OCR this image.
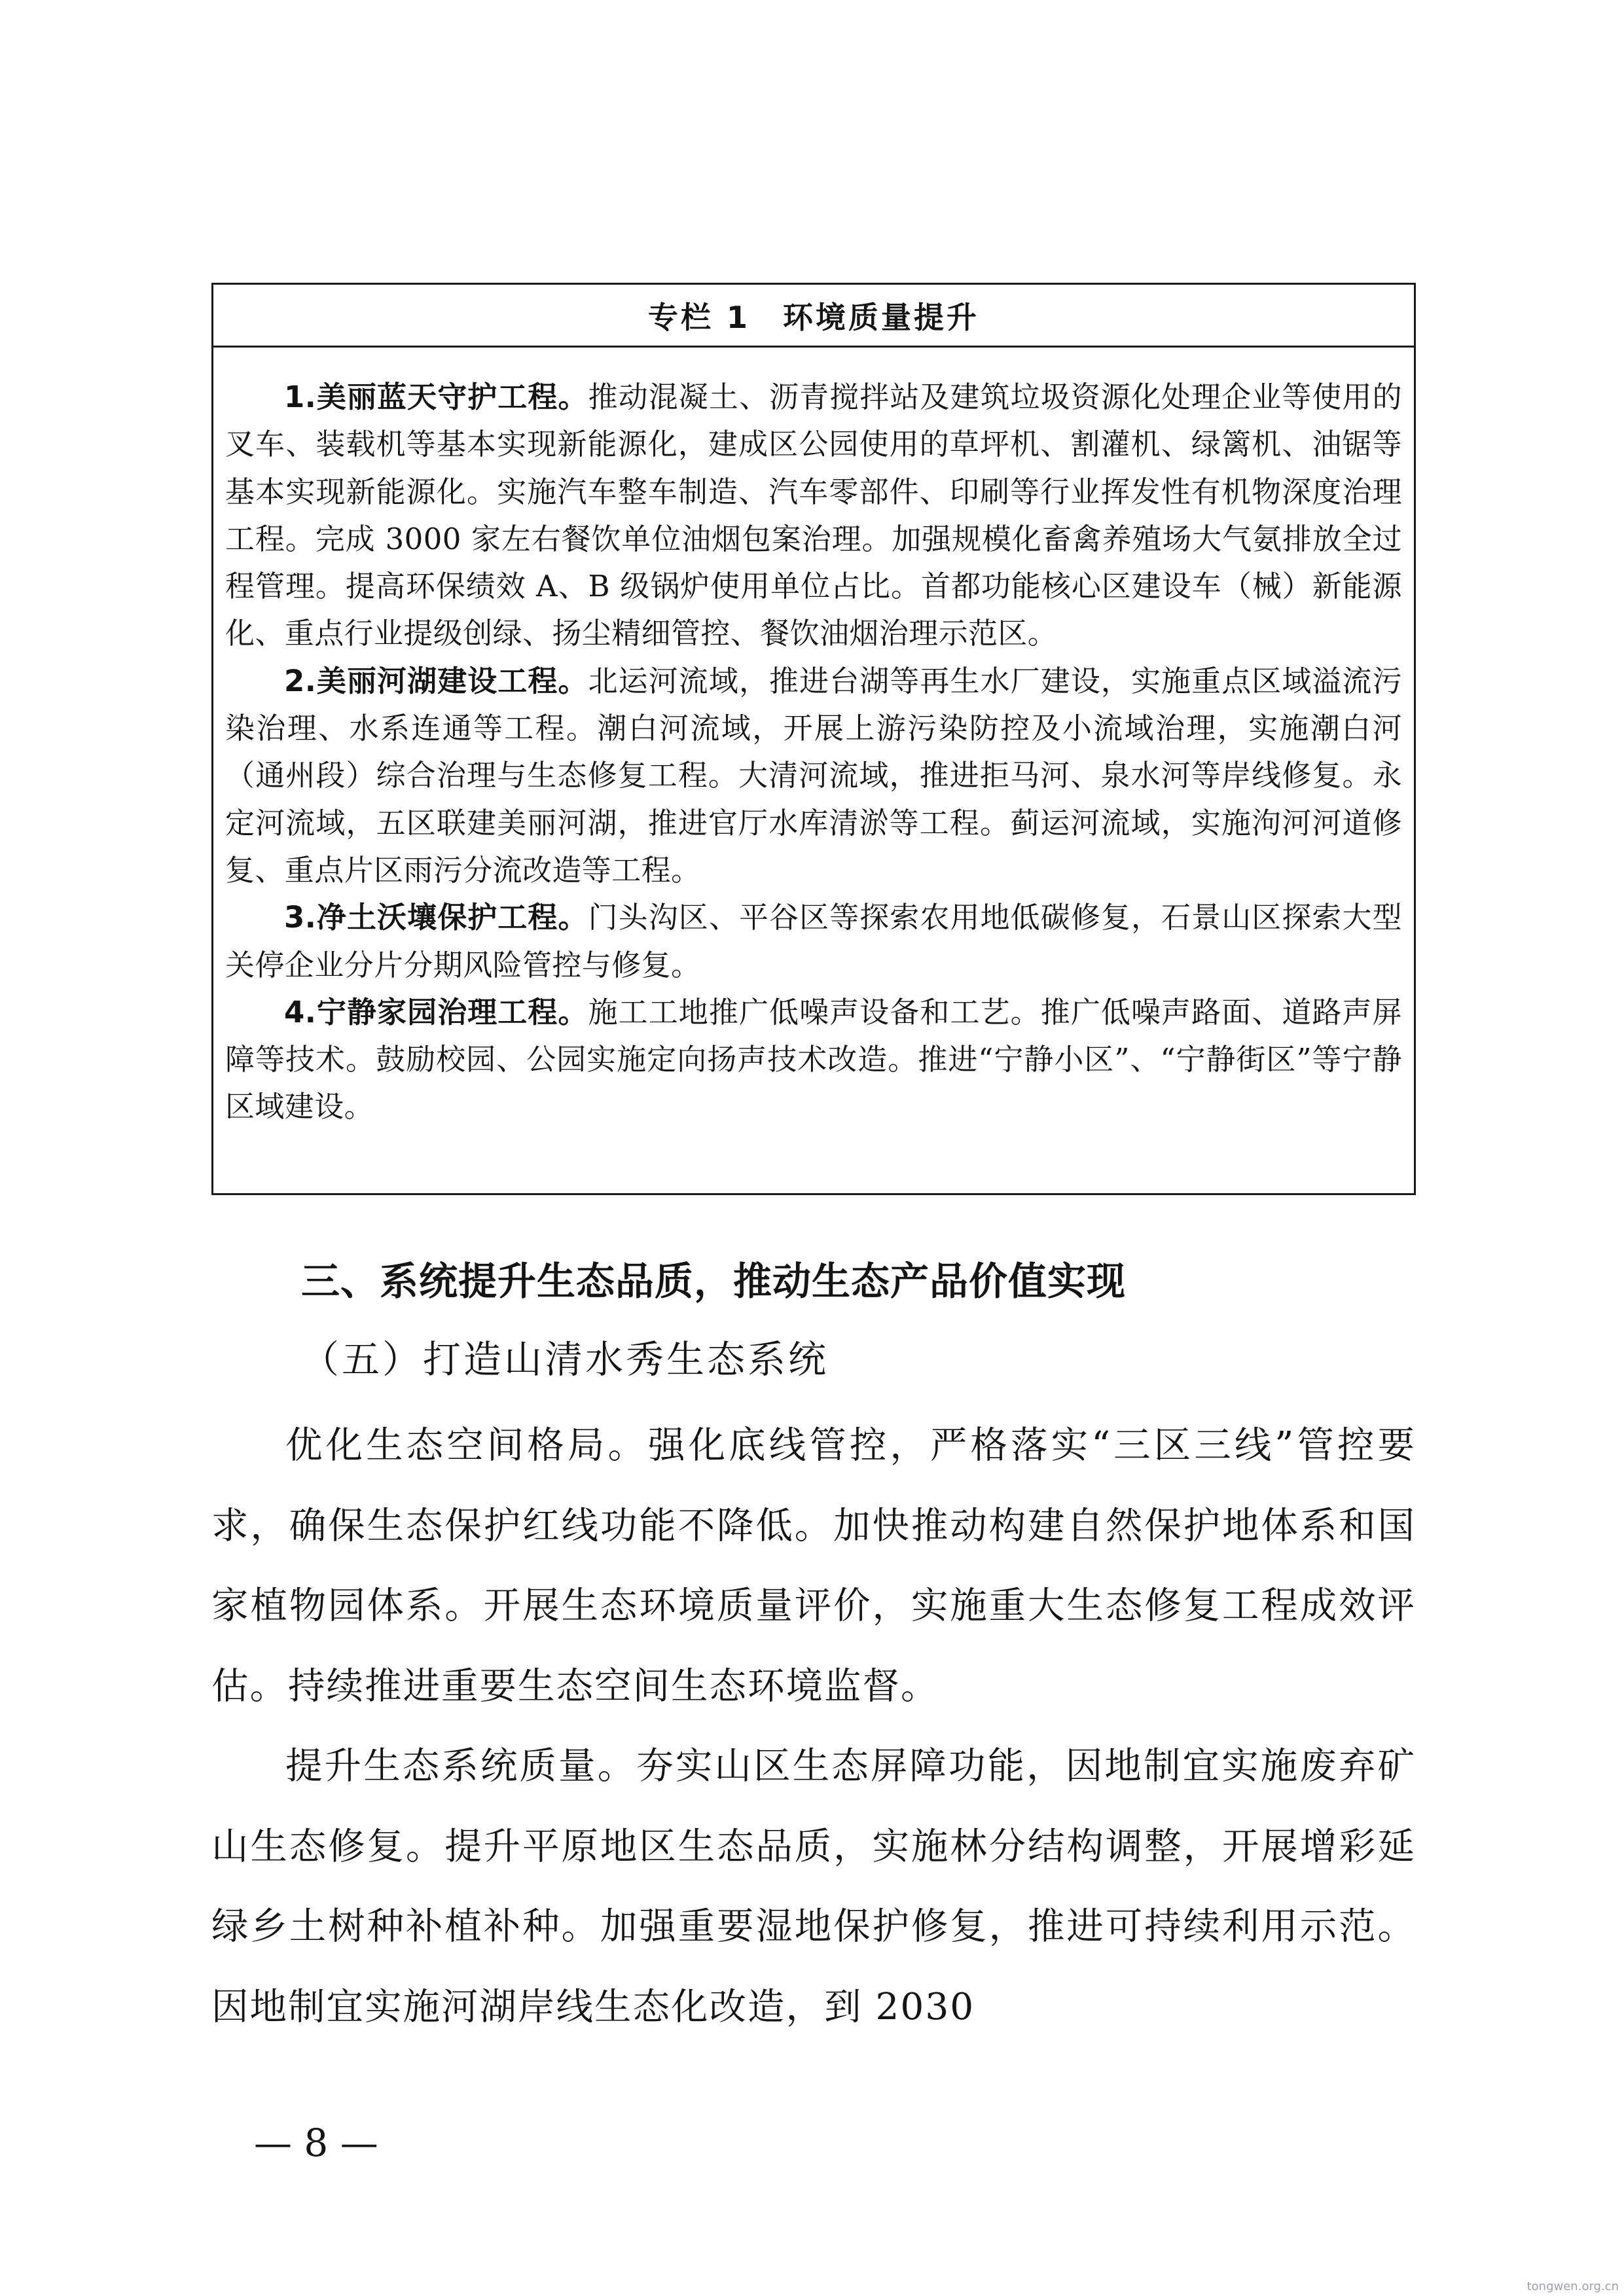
专栏 1 环境质量提升

1.美丽蓝天守护工程。推动混凝土、沥青搅拌站及建筑垃圾资源化处理企业等使用的叉车、装载机等基本实现新能源化，建成区公园使用的草坪机、割灌机、绿篱机、油锯等基本实现新能源化。实施汽车整车制造、汽车零部件、印刷等行业挥发性有机物深度治理工程。完成 3000 家左右餐饮单位油烟包案治理。加强规模化畜禽养殖场大气氨排放全过程管理。提高环保绩效 A、B 级锅炉使用单位占比。首都功能核心区建设车（械）新能源化、重点行业提级创绿、扬尘精细管控、餐饮油烟治理示范区。

2.美丽河湖建设工程。北运河流域，推进台湖等再生水厂建设，实施重点区域溢流污染治理、水系连通等工程。潮白河流域，开展上游污染防控及小流域治理，实施潮白河（通州段）综合治理与生态修复工程。大清河流域，推进拒马河、泉水河等岸线修复。永定河流域，五区联建美丽河湖，推进官厅水库清淤等工程。蓟运河流域，实施泃河河道修复、重点片区雨污分流改造等工程。

3.净土沃壤保护工程。门头沟区、平谷区等探索农用地低碳修复，石景山区探索大型关停企业分片分期风险管控与修复。

4.宁静家园治理工程。施工工地推广低噪声设备和工艺。推广低噪声路面、道路声屏障等技术。鼓励校园、公园实施定向扬声技术改造。推进“宁静小区”、“宁静街区”等宁静区域建设。

三、系统提升生态品质，推动生态产品价值实现
（五）打造山清水秀生态系统

优化生态空间格局。强化底线管控，严格落实“三区三线”管控要求，确保生态保护红线功能不降低。加快推动构建自然保护地体系和国家植物园体系。开展生态环境质量评价，实施重大生态修复工程成效评估。持续推进重要生态空间生态环境监督。

提升生态系统质量。夯实山区生态屏障功能，因地制宜实施废弃矿山生态修复。提升平原地区生态品质，实施林分结构调整，开展增彩延绿乡土树种补植补种。加强重要湿地保护修复，推进可持续利用示范。因地制宜实施河湖岸线生态化改造，到 2030

— 8 —
tongwen.org.cn
